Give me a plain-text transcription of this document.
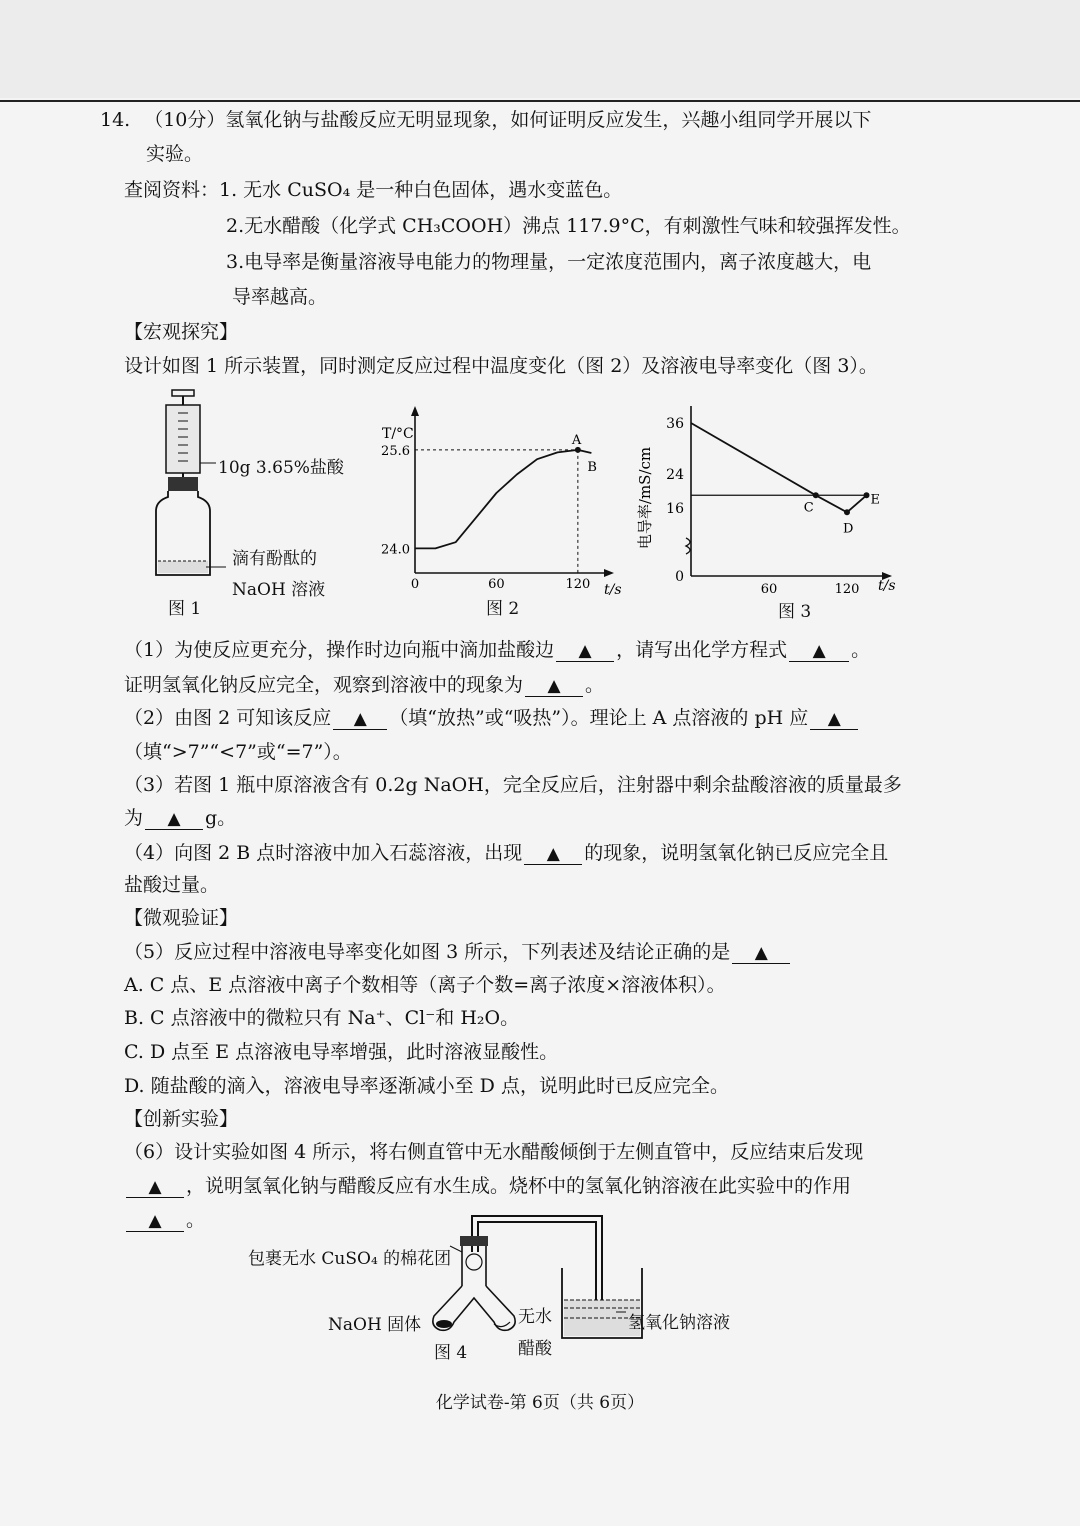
14. （10分）氢氧化钠与盐酸反应无明显现象，如何证明反应发生，兴趣小组同学开展以下
实验。
查阅资料：1. 无水 CuSO₄ 是一种白色固体，遇水变蓝色。
2.无水醋酸（化学式 CH₃COOH）沸点 117.9°C，有刺激性气味和较强挥发性。
3.电导率是衡量溶液导电能力的物理量，一定浓度范围内，离子浓度越大，电
导率越高。
【宏观探究】
设计如图 1 所示装置，同时测定反应过程中温度变化（图 2）及溶液电导率变化（图 3）。
10g 3.65%盐酸
滴有酚酞的
NaOH 溶液
图 1
T/°C
t/s
25.6
24.0
0	60	120
A
B
图 2
电导率/mS/cm
t/s
36
24
16
0
60	120
C
D
E
图 3
（1）为使反应更充分，操作时边向瓶中滴加盐酸边 ▲ ，请写出化学方程式 ▲ 。
证明氢氧化钠反应完全，观察到溶液中的现象为 ▲ 。
（2）由图 2 可知该反应 ▲ （填“放热”或“吸热”）。理论上 A 点溶液的 pH 应 ▲
（填“>7”“<7”或“=7”）。
（3）若图 1 瓶中原溶液含有 0.2g NaOH，完全反应后，注射器中剩余盐酸溶液的质量最多
为 ▲ g。
（4）向图 2 B 点时溶液中加入石蕊溶液，出现 ▲ 的现象，说明氢氧化钠已反应完全且
盐酸过量。
【微观验证】
（5）反应过程中溶液电导率变化如图 3 所示，下列表述及结论正确的是 ▲
A. C 点、E 点溶液中离子个数相等（离子个数=离子浓度×溶液体积）。
B. C 点溶液中的微粒只有 Na⁺、Cl⁻和 H₂O。
C. D 点至 E 点溶液电导率增强，此时溶液显酸性。
D. 随盐酸的滴入，溶液电导率逐渐减小至 D 点，说明此时已反应完全。
【创新实验】
（6）设计实验如图 4 所示，将右侧直管中无水醋酸倾倒于左侧直管中，反应结束后发现
▲ ，说明氢氧化钠与醋酸反应有水生成。烧杯中的氢氧化钠溶液在此实验中的作用
▲ 。
包裹无水 CuSO₄ 的棉花团
NaOH 固体	无水
醋酸
氢氧化钠溶液
图 4
化学试卷-第 6页（共 6页）
